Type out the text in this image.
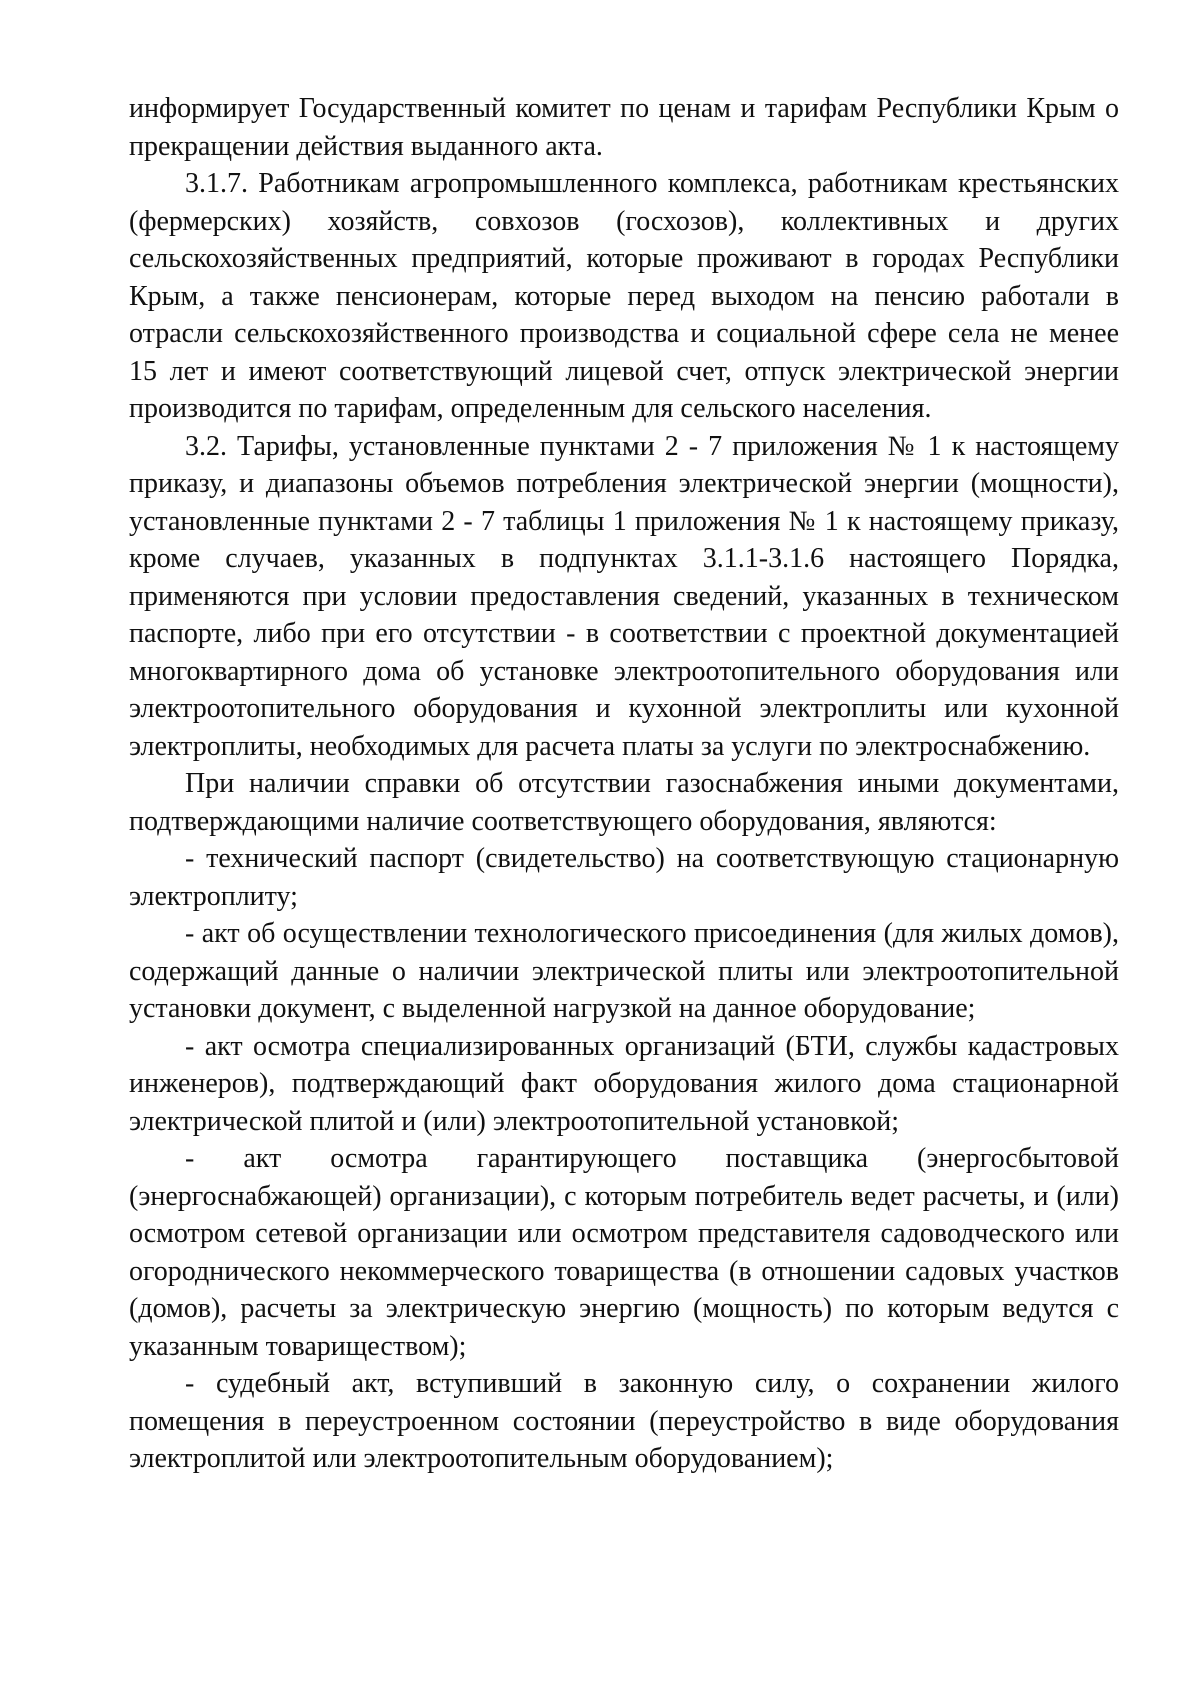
информирует Государственный комитет по ценам и тарифам Республики Крым о прекращении действия выданного акта.

3.1.7. Работникам агропромышленного комплекса, работникам крестьянских (фермерских) хозяйств, совхозов (госхозов), коллективных и других сельскохозяйственных предприятий, которые проживают в городах Республики Крым, а также пенсионерам, которые перед выходом на пенсию работали в отрасли сельскохозяйственного производства и социальной сфере села не менее 15 лет и имеют соответствующий лицевой счет, отпуск электрической энергии производится по тарифам, определенным для сельского населения.

3.2. Тарифы, установленные пунктами 2 - 7 приложения № 1 к настоящему приказу, и диапазоны объемов потребления электрической энергии (мощности), установленные пунктами 2 - 7 таблицы 1 приложения № 1 к настоящему приказу, кроме случаев, указанных в подпунктах 3.1.1-3.1.6 настоящего Порядка, применяются при условии предоставления сведений, указанных в техническом паспорте, либо при его отсутствии - в соответствии с проектной документацией многоквартирного дома об установке электроотопительного оборудования или электроотопительного оборудования и кухонной электроплиты или кухонной электроплиты, необходимых для расчета платы за услуги по электроснабжению.

При наличии справки об отсутствии газоснабжения иными документами, подтверждающими наличие соответствующего оборудования, являются:

- технический паспорт (свидетельство) на соответствующую стационарную электроплиту;

- акт об осуществлении технологического присоединения (для жилых домов), содержащий данные о наличии электрической плиты или электроотопительной установки документ, с выделенной нагрузкой на данное оборудование;

- акт осмотра специализированных организаций (БТИ, службы кадастровых инженеров), подтверждающий факт оборудования жилого дома стационарной электрической плитой и (или) электроотопительной установкой;

- акт осмотра гарантирующего поставщика (энергосбытовой (энергоснабжающей) организации), с которым потребитель ведет расчеты, и (или) осмотром сетевой организации или осмотром представителя садоводческого или огороднического некоммерческого товарищества (в отношении садовых участков (домов), расчеты за электрическую энергию (мощность) по которым ведутся с указанным товариществом);

- судебный акт, вступивший в законную силу, о сохранении жилого помещения в переустроенном состоянии (переустройство в виде оборудования электроплитой или электроотопительным оборудованием);
